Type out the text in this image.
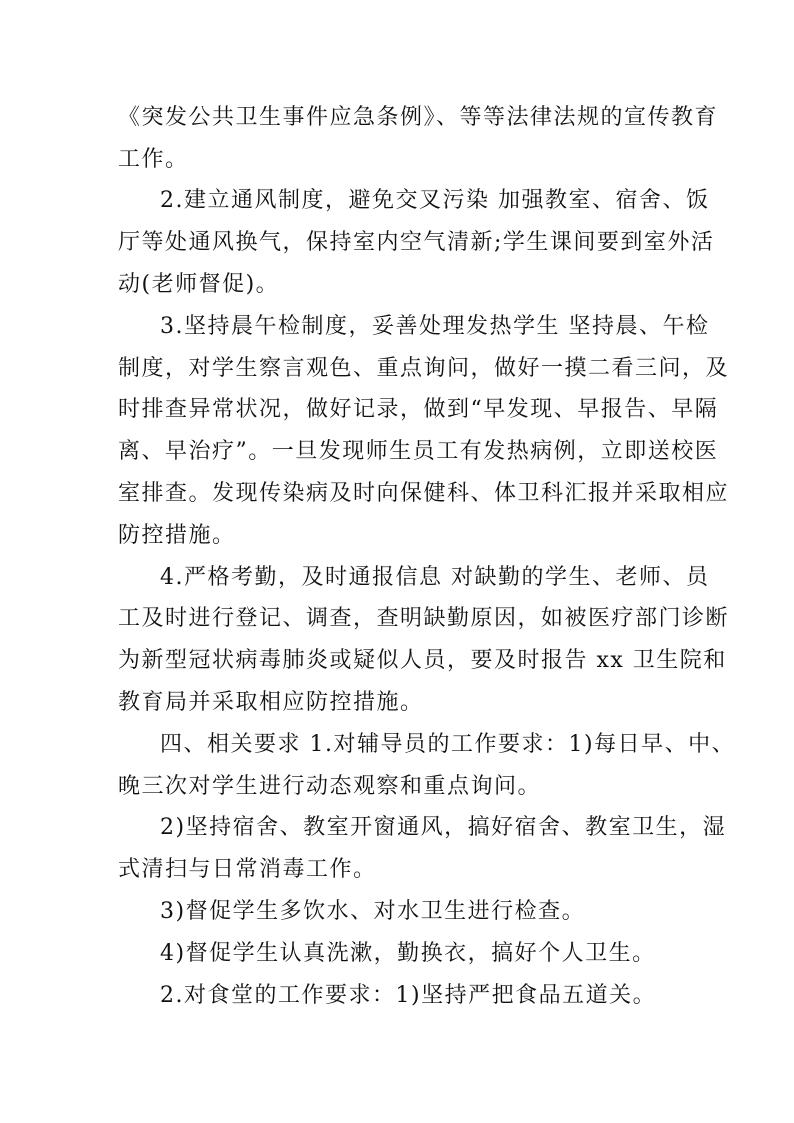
《突发公共卫生事件应急条例》、等等法律法规的宣传教育
工作。
2.建立通风制度，避免交叉污染 加强教室、宿舍、饭
厅等处通风换气，保持室内空气清新;学生课间要到室外活
动(老师督促)。
3.坚持晨午检制度，妥善处理发热学生 坚持晨、午检
制度，对学生察言观色、重点询问，做好一摸二看三问，及
时排查异常状况，做好记录，做到“早发现、早报告、早隔
离、早治疗”。一旦发现师生员工有发热病例，立即送校医
室排查。发现传染病及时向保健科、体卫科汇报并采取相应
防控措施。
4.严格考勤，及时通报信息 对缺勤的学生、老师、员
工及时进行登记、调查，查明缺勤原因，如被医疗部门诊断
为新型冠状病毒肺炎或疑似人员，要及时报告 xx 卫生院和
教育局并采取相应防控措施。
四、相关要求 1.对辅导员的工作要求：1)每日早、中、
晚三次对学生进行动态观察和重点询问。
2)坚持宿舍、教室开窗通风，搞好宿舍、教室卫生，湿
式清扫与日常消毒工作。
3)督促学生多饮水、对水卫生进行检查。
4)督促学生认真洗漱，勤换衣，搞好个人卫生。
2.对食堂的工作要求：1)坚持严把食品五道关。
